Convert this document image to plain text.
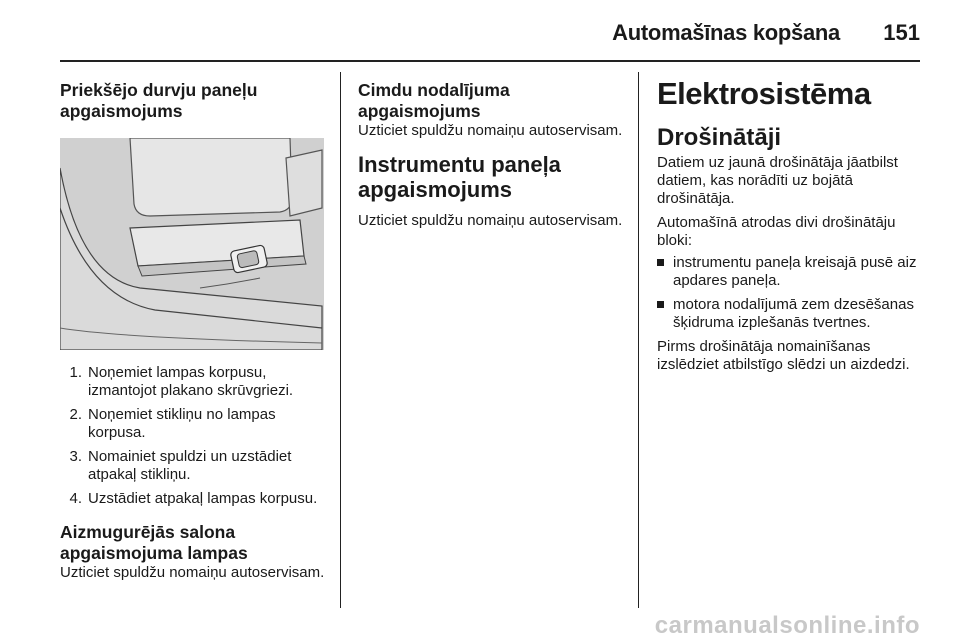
Automašīnas kopšana	151
Priekšējo durvju paneļu apgaismojums
1. Noņemiet lampas korpusu, izmantojot plakano skrūvgriezi.
2. Noņemiet stikliņu no lampas korpusa.
3. Nomainiet spuldzi un uzstādiet atpakaļ stikliņu.
4. Uzstādiet atpakaļ lampas korpusu.
Aizmugurējās salona apgaismojuma lampas

Uzticiet spuldžu nomaiņu autoservisam.

Cimdu nodalījuma apgaismojums

Uzticiet spuldžu nomaiņu autoservisam.

Instrumentu paneļa apgaismojums

Uzticiet spuldžu nomaiņu autoservisam.

Elektrosistēma
Drošinātāji

Datiem uz jaunā drošinātāja jāatbilst datiem, kas norādīti uz bojātā drošinātāja.

Automašīnā atrodas divi drošinātāju bloki:

instrumentu paneļa kreisajā pusē aiz apdares paneļa.
motora nodalījumā zem dzesēšanas šķidruma izplešanās tvertnes.

Pirms drošinātāja nomainīšanas izslēdziet atbilstīgo slēdzi un aizdedzi.

carmanualsonline.info
